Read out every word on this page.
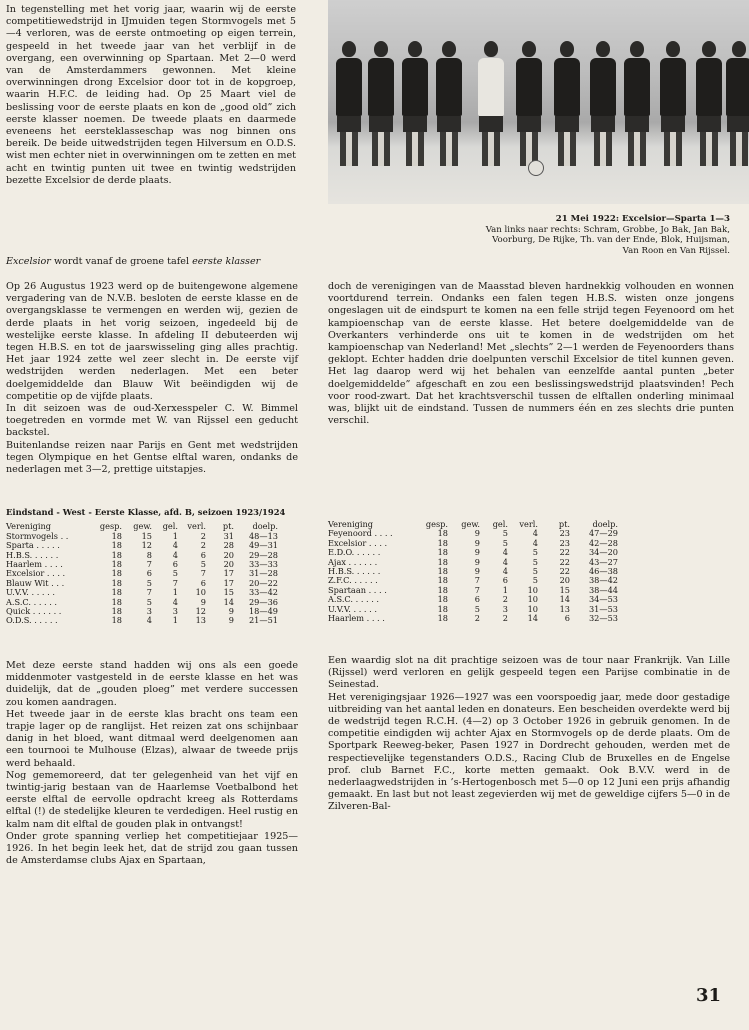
21 Mei 1922: Excelsior—Sparta 1—3
Van links naar rechts: Schram, Grobbe, Jo Bak, Jan Bak,
Voorburg, De Rijke, Th. van der Ende, Blok, Huijsman,
Van Roon en Van Rijssel.

In tegenstelling met het vorig jaar, waarin wij de eerste competitiewedstrijd in IJmuiden tegen Stormvogels met 5—4 verloren, was de eerste ontmoeting op eigen terrein, gespeeld in het tweede jaar van het verblijf in de overgang, een overwinning op Spartaan. Met 2—0 werd van de Amsterdammers gewonnen. Met kleine overwinningen drong Excelsior door tot in de kopgroep, waarin H.F.C. de leiding had. Op 25 Maart viel de beslissing voor de eerste plaats en kon de „good old” zich eerste klasser noemen. De tweede plaats en daarmede eveneens het eersteklasseschap was nog binnen ons bereik. De beide uitwedstrijden tegen Hilversum en O.D.S. wist men echter niet in overwinningen om te zetten en met acht en twintig punten uit twee en twintig wedstrijden bezette Excelsior de derde plaats.

Excelsior wordt vanaf de groene tafel eerste klasser

Op 26 Augustus 1923 werd op de buitengewone algemene vergadering van de N.V.B. besloten de eerste klasse en de overgangsklasse te vermengen en werden wij, gezien de derde plaats in het vorig seizoen, ingedeeld bij de westelijke eerste klasse. In afdeling II debuteerden wij tegen H.B.S. en tot de jaarswisseling ging alles prachtig. Het jaar 1924 zette wel zeer slecht in. De eerste vijf wedstrijden werden nederlagen. Met een beter doelgemiddelde dan Blauw Wit beëindigden wij de competitie op de vijfde plaats.

In dit seizoen was de oud-Xerxesspeler C. W. Bimmel toegetreden en vormde met W. van Rijssel een geducht backstel.

Buitenlandse reizen naar Parijs en Gent met wedstrijden tegen Olympique en het Gentse elftal waren, ondanks de nederlagen met 3—2, prettige uitstapjes.

doch de verenigingen van de Maasstad bleven hardnekkig volhouden en wonnen voortdurend terrein. Ondanks een falen tegen H.B.S. wisten onze jongens ongeslagen uit de eindspurt te komen na een felle strijd tegen Feyenoord om het kampioenschap van de eerste klasse. Het betere doelgemiddelde van de Overkanters verhinderde ons uit te komen in de wedstrijden om het kampioenschap van Nederland! Met „slechts” 2—1 werden de Feyenoorders thans geklopt. Echter hadden drie doelpunten verschil Excelsior de titel kunnen geven. Het lag daarop werd wij het behalen van eenzelfde aantal punten „beter doelgemiddelde” afgeschaft en zou een beslissingswedstrijd plaatsvinden! Pech voor rood-zwart. Dat het krachtsverschil tussen de elftallen onderling minimaal was, blijkt uit de eindstand. Tussen de nummers één en zes slechts drie punten verschil.

Eindstand - West - Eerste Klasse, afd. B, seizoen 1923/1924
Vereniging	gesp.	gew.	gel.	verl.	pt.	doelp.
Stormvogels . .	18	15	1	2	31	48—13
Sparta . . . . .	18	12	4	2	28	49—31
H.B.S. . . . . .	18	8	4	6	20	29—28
Haarlem . . . .	18	7	6	5	20	33—33
Excelsior . . . .	18	6	5	7	17	31—28
Blauw Wit . . .	18	5	7	6	17	20—22
U.V.V. . . . . .	18	7	1	10	15	33—42
A.S.C. . . . . .	18	5	4	9	14	29—36
Quick . . . . . .	18	3	3	12	9	18—49
O.D.S. . . . . .	18	4	1	13	9	21—51
Vereniging	gesp.	gew.	gel.	verl.	pt.	doelp.
Feyenoord . . . .	18	9	5	4	23	47—29
Excelsior . . . .	18	9	5	4	23	42—28
E.D.O. . . . . .	18	9	4	5	22	34—20
Ajax . . . . . .	18	9	4	5	22	43—27
H.B.S. . . . . .	18	9	4	5	22	46—38
Z.F.C. . . . . .	18	7	6	5	20	38—42
Spartaan . . . .	18	7	1	10	15	38—44
A.S.C. . . . . .	18	6	2	10	14	34—53
U.V.V. . . . . .	18	5	3	10	13	31—53
Haarlem . . . .	18	2	2	14	6	32—53

Met deze eerste stand hadden wij ons als een goede middenmoter vastgesteld in de eerste klasse en het was duidelijk, dat de „gouden ploeg” met verdere successen zou komen aandragen.

Het tweede jaar in de eerste klas bracht ons team een trapje lager op de ranglijst. Het reizen zat ons schijnbaar danig in het bloed, want ditmaal werd deelgenomen aan een tournooi te Mulhouse (Elzas), alwaar de tweede prijs werd behaald.

Nog gememoreerd, dat ter gelegenheid van het vijf en twintig-jarig bestaan van de Haarlemse Voetbalbond het eerste elftal de eervolle opdracht kreeg als Rotterdams elftal (!) de stedelijke kleuren te verdedigen. Heel rustig en kalm nam dit elftal de gouden plak in ontvangst!

Onder grote spanning verliep het competitiejaar 1925—1926. In het begin leek het, dat de strijd zou gaan tussen de Amsterdamse clubs Ajax en Spartaan,

Een waardig slot na dit prachtige seizoen was de tour naar Frankrijk. Van Lille (Rijssel) werd verloren en gelijk gespeeld tegen een Parijse combinatie in de Seinestad.

Het verenigingsjaar 1926—1927 was een voorspoedig jaar, mede door gestadige uitbreiding van het aantal leden en donateurs. Een bescheiden overdekte werd bij de wedstrijd tegen R.C.H. (4—2) op 3 October 1926 in gebruik genomen. In de competitie eindigden wij achter Ajax en Stormvogels op de derde plaats. Om de Sportpark Reeweg-beker, Pasen 1927 in Dordrecht gehouden, werden met de respectievelijke tegenstanders O.D.S., Racing Club de Bruxelles en de Engelse prof. club Barnet F.C., korte metten gemaakt. Ook B.V.V. werd in de nederlaagwedstrijden in ’s-Hertogenbosch met 5—0 op 12 Juni een prijs afhandig gemaakt. En last but not least zegevierden wij met de geweldige cijfers 5—0 in de Zilveren-Bal-

31
